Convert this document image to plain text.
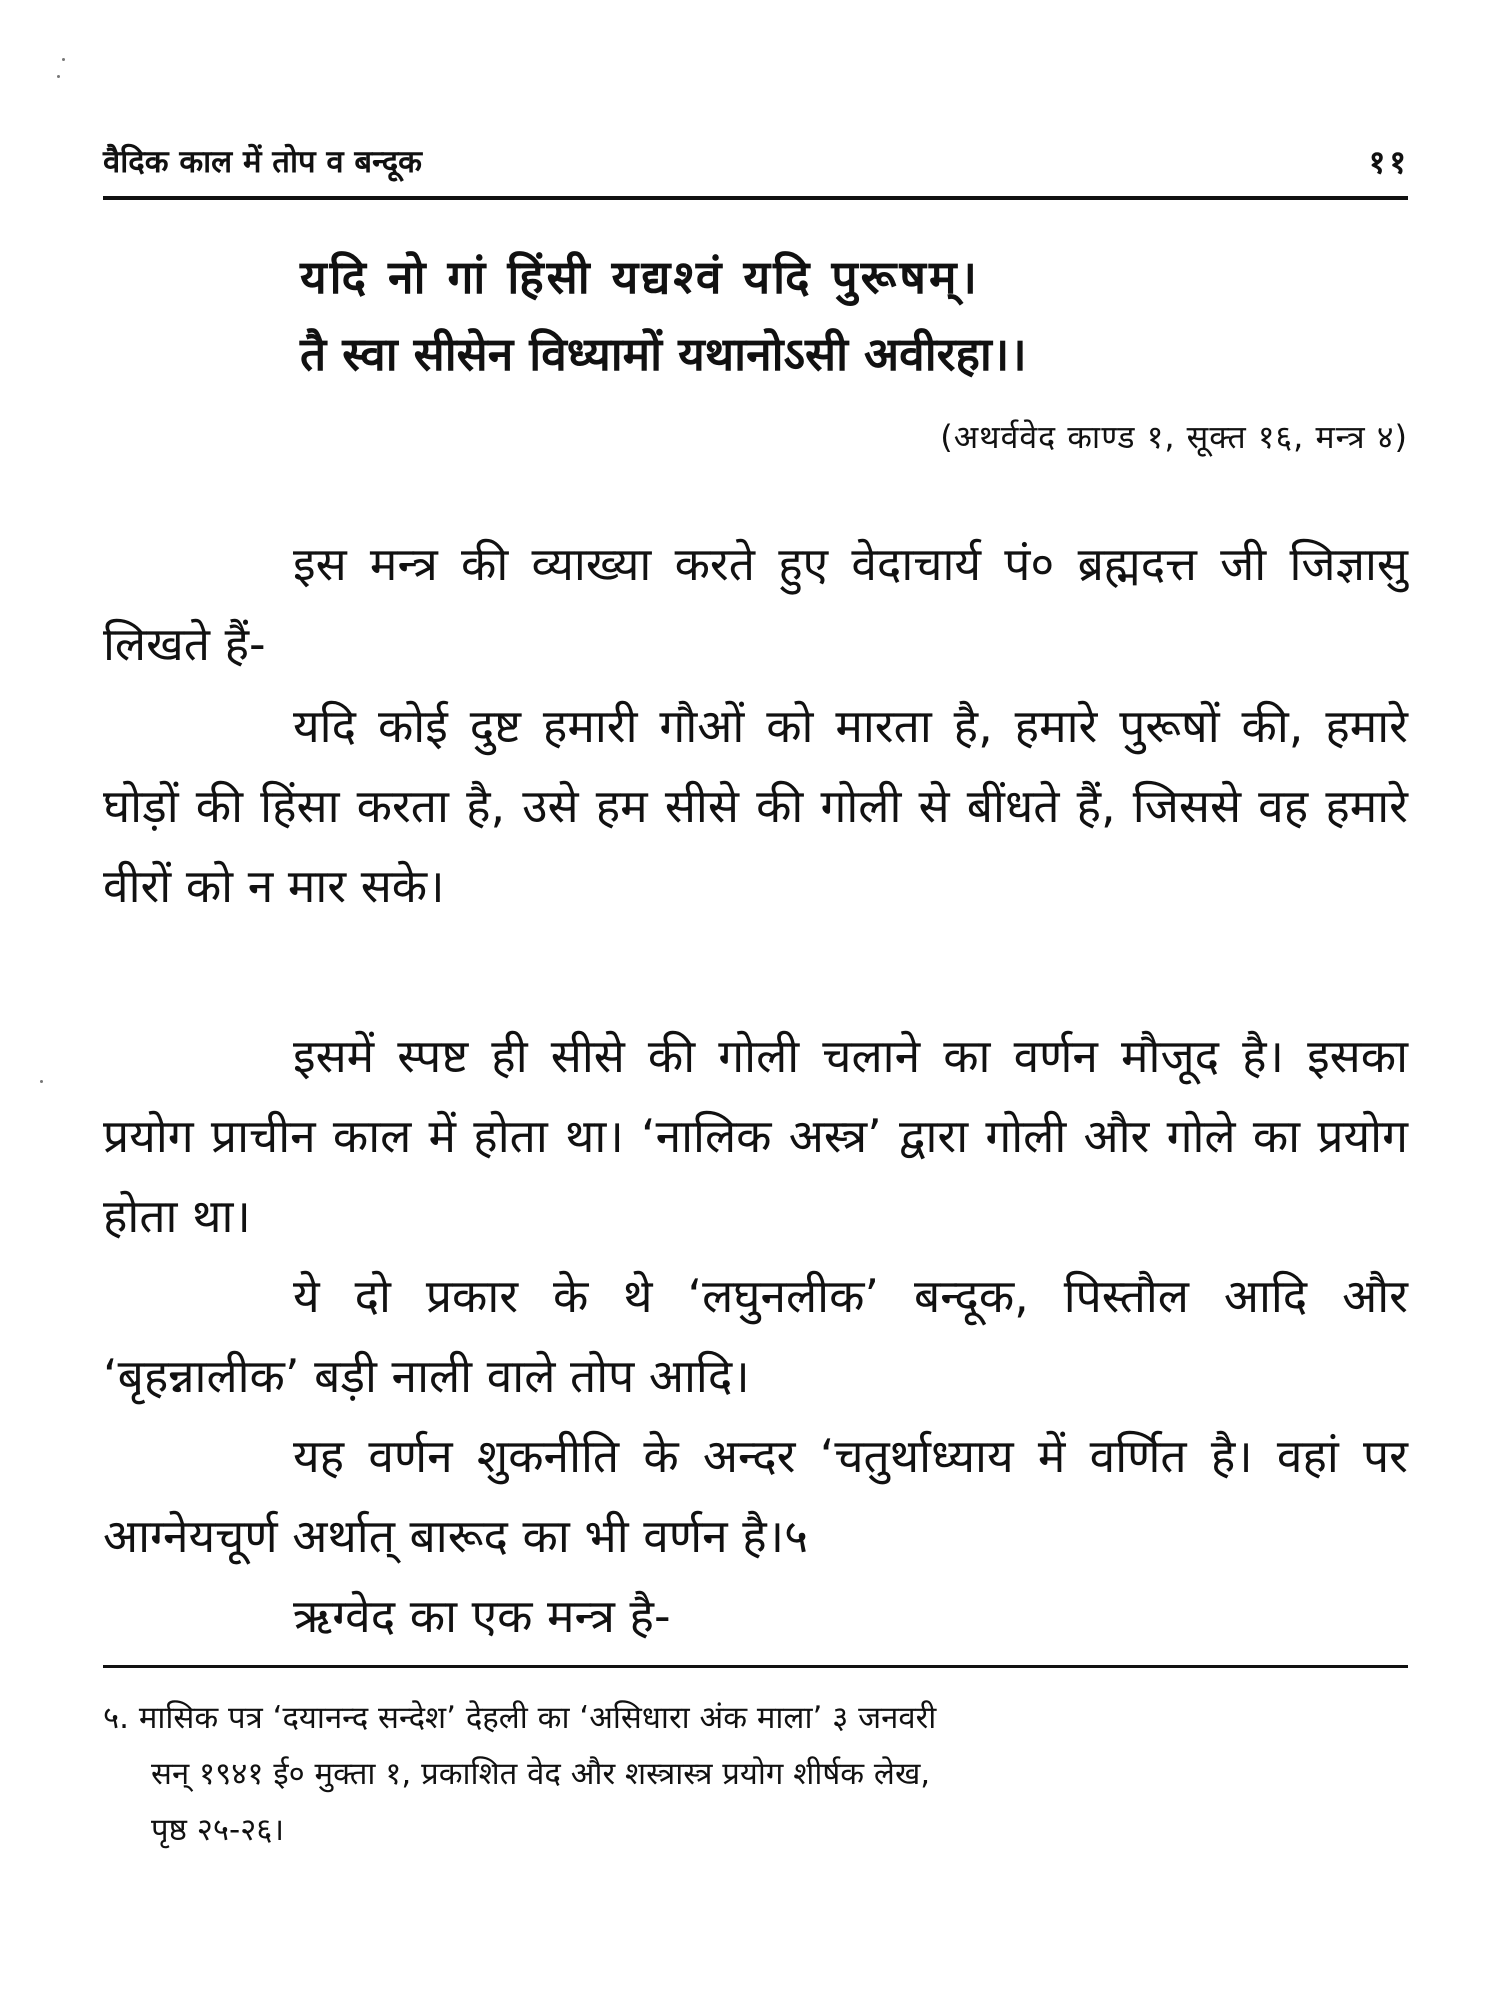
वैदिक काल में तोप व बन्दूक	११
यदि नो गां हिंसी यद्यश्वं यदि पुरूषम्।
तै स्वा सीसेन विध्यामों यथानोऽसी अवीरहा।।
(अथर्ववेद काण्ड १, सूक्त १६, मन्त्र ४)

इस मन्त्र की व्याख्या करते हुए वेदाचार्य पं० ब्रह्मदत्त जी जिज्ञासु लिखते हैं-

यदि कोई दुष्ट हमारी गौओं को मारता है, हमारे पुरूषों की, हमारे घोड़ों की हिंसा करता है, उसे हम सीसे की गोली से बींधते हैं, जिससे वह हमारे वीरों को न मार सके।

इसमें स्पष्ट ही सीसे की गोली चलाने का वर्णन मौजूद है। इसका प्रयोग प्राचीन काल में होता था। ‘नालिक अस्त्र’ द्वारा गोली और गोले का प्रयोग होता था।

ये दो प्रकार के थे ‘लघुनलीक’ बन्दूक, पिस्तौल आदि और ‘बृहन्नालीक’ बड़ी नाली वाले तोप आदि।

यह वर्णन शुकनीति के अन्दर ‘चतुर्थाध्याय में वर्णित है। वहां पर आग्नेयचूर्ण अर्थात् बारूद का भी वर्णन है।५

ऋग्वेद का एक मन्त्र है-

५. मासिक पत्र ‘दयानन्द सन्देश’ देहली का ‘असिधारा अंक माला’ ३ जनवरी
सन् १९४१ ई० मुक्ता १, प्रकाशित वेद और शस्त्रास्त्र प्रयोग शीर्षक लेख,
पृष्ठ २५-२६।
